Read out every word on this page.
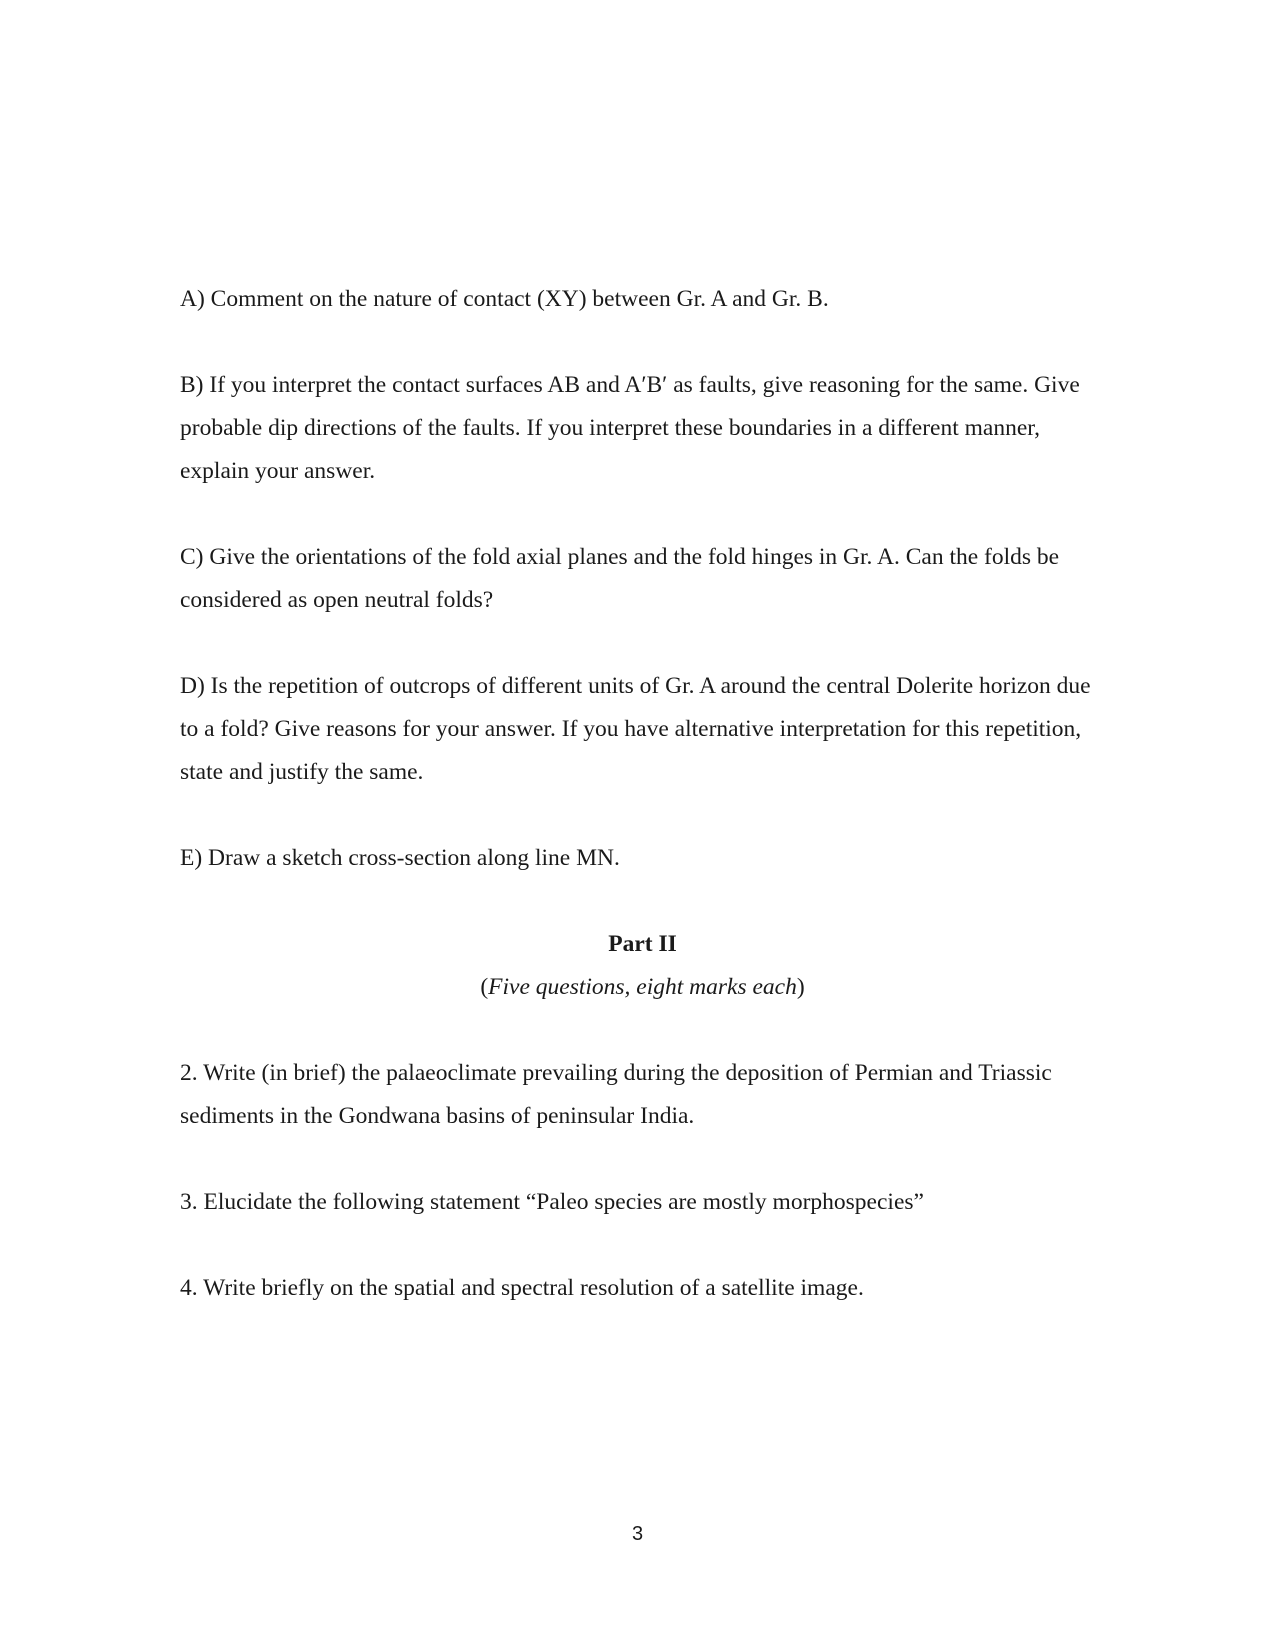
A) Comment on the nature of contact (XY) between Gr. A and Gr. B.

B) If you interpret the contact surfaces AB and A′B′ as faults, give reasoning for the same. Give probable dip directions of the faults. If you interpret these boundaries in a different manner, explain your answer.

C) Give the orientations of the fold axial planes and the fold hinges in Gr. A. Can the folds be considered as open neutral folds?

D) Is the repetition of outcrops of different units of Gr. A around the central Dolerite horizon due to a fold? Give reasons for your answer. If you have alternative interpretation for this repetition, state and justify the same.

E) Draw a sketch cross-section along line MN.

Part II

(Five questions, eight marks each)

2. Write (in brief) the palaeoclimate prevailing during the deposition of Permian and Triassic sediments in the Gondwana basins of peninsular India.

3. Elucidate the following statement “Paleo species are mostly morphospecies”

4. Write briefly on the spatial and spectral resolution of a satellite image.

3
